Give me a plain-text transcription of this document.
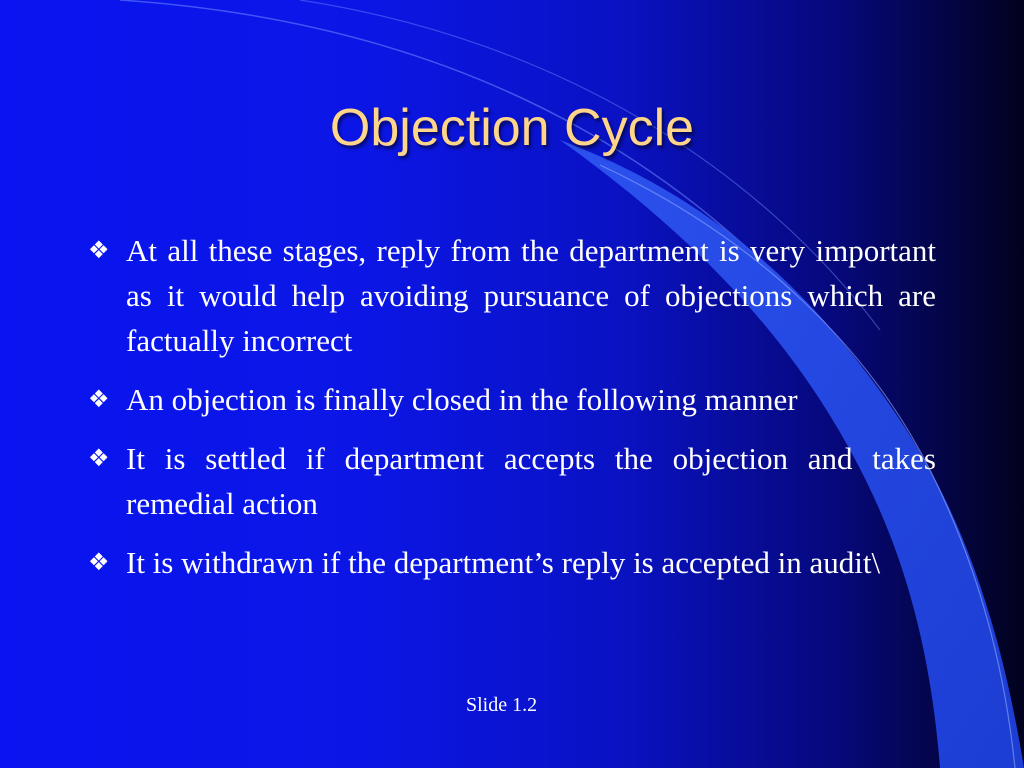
Objection Cycle
❖ At all these stages, reply from the department is very important as it would help avoiding pursuance of objections which are factually incorrect
❖ An objection is finally closed in the following manner
❖ It is settled if department accepts the objection and takes remedial action
❖ It is withdrawn if the department’s reply is accepted in audit\
Slide 1.2
